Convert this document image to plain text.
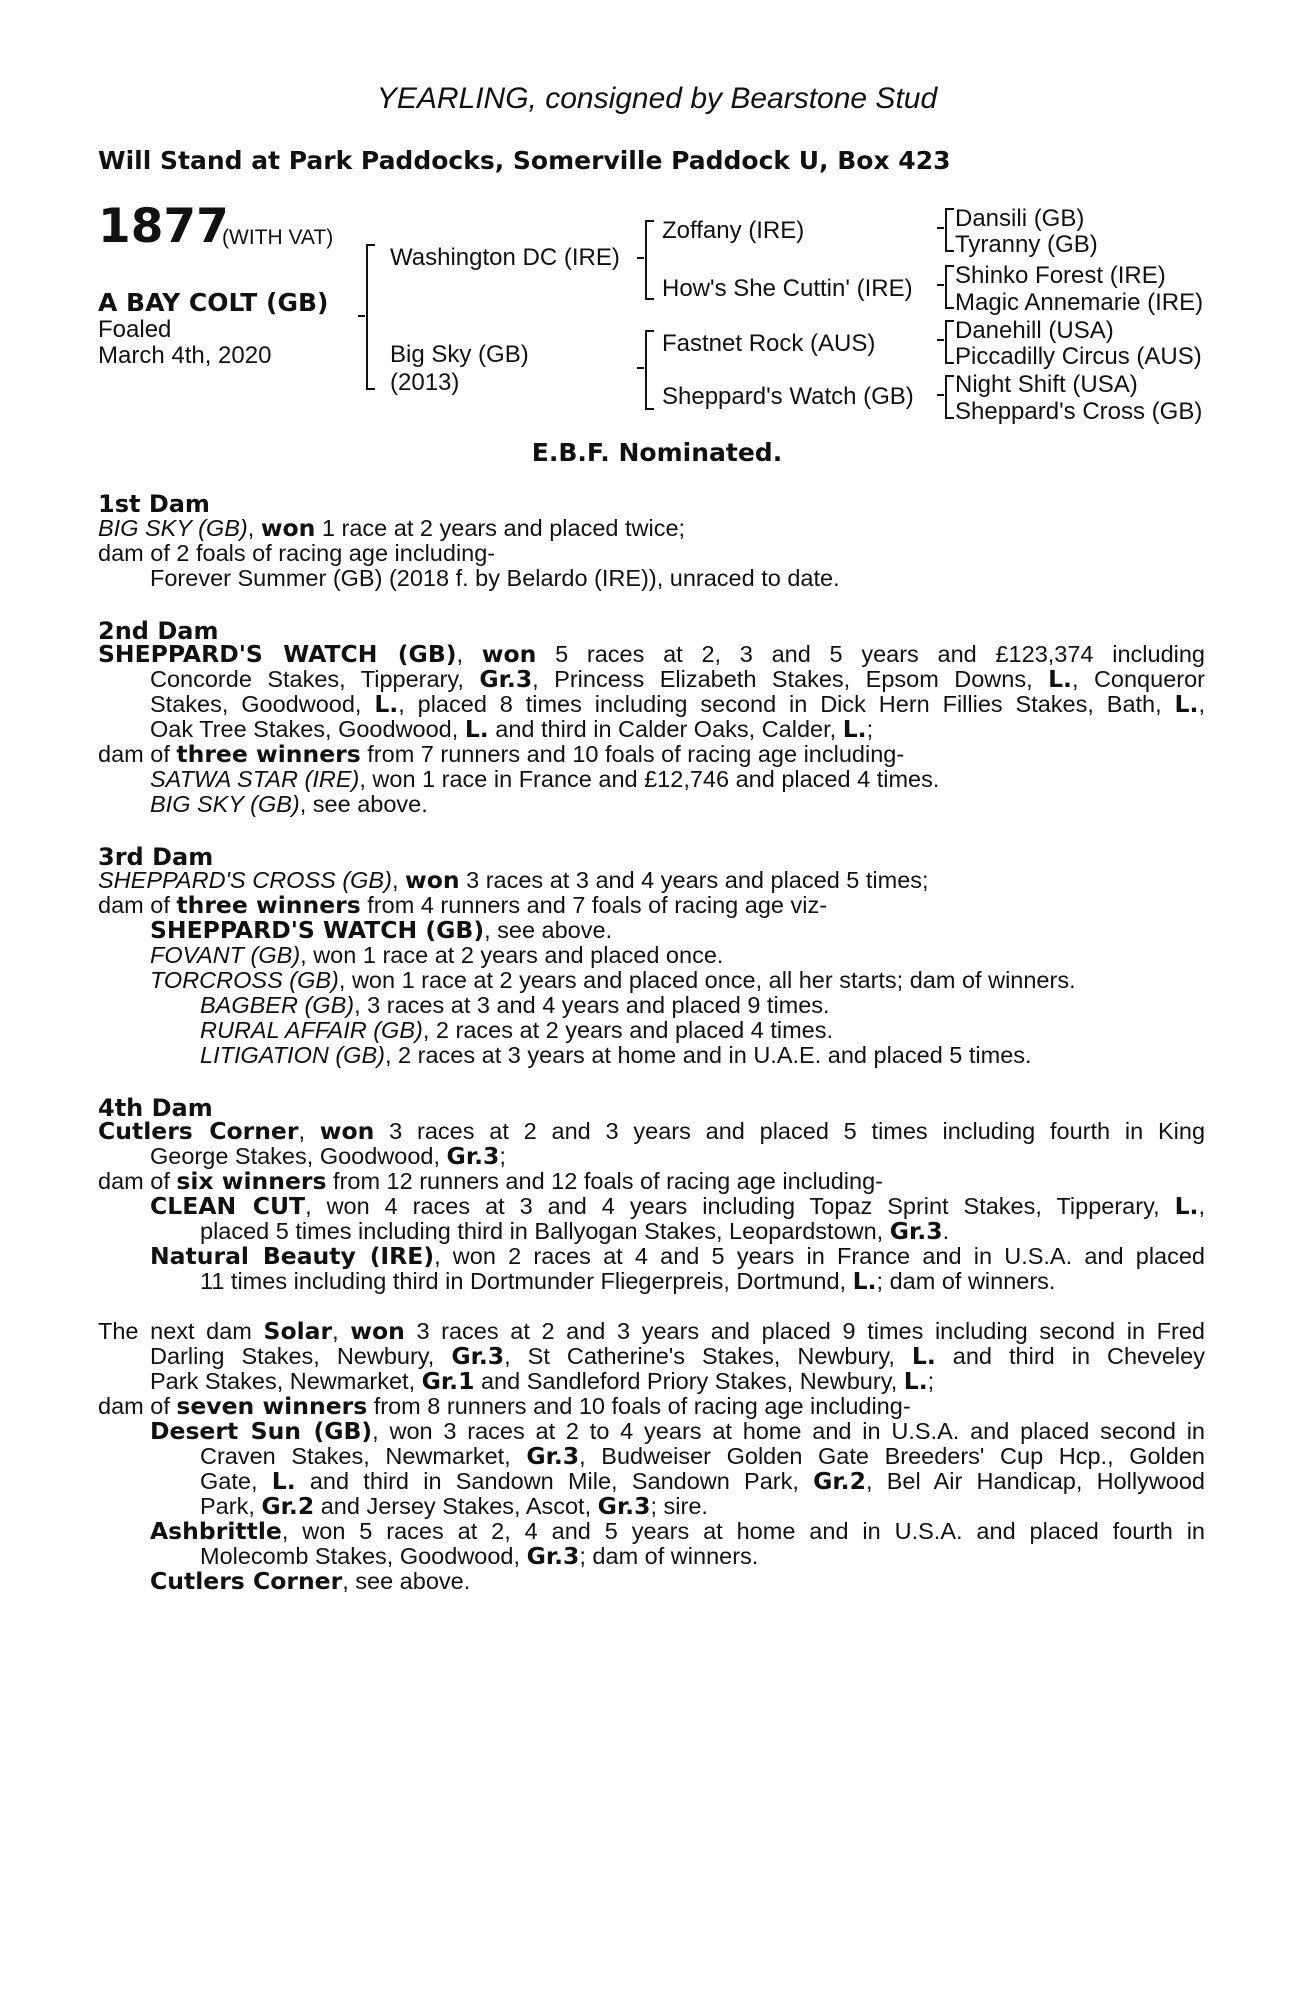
YEARLING, consigned by Bearstone Stud
Will Stand at Park Paddocks, Somerville Paddock U, Box 423
1877
(WITH VAT)
A BAY COLT (GB)
Foaled
March 4th, 2020
Washington DC (IRE)
Big Sky (GB)
(2013)
Zoffany (IRE)
How's She Cuttin' (IRE)
Fastnet Rock (AUS)
Sheppard's Watch (GB)
Dansili (GB)
Tyranny (GB)
Shinko Forest (IRE)
Magic Annemarie (IRE)
Danehill (USA)
Piccadilly Circus (AUS)
Night Shift (USA)
Sheppard's Cross (GB)
E.B.F. Nominated.
1st Dam
BIG SKY (GB), won 1 race at 2 years and placed twice;
dam of 2 foals of racing age including-
Forever Summer (GB) (2018 f. by Belardo (IRE)), unraced to date.
2nd Dam
SHEPPARD'S WATCH (GB), won 5 races at 2, 3 and 5 years and £123,374 including
Concorde Stakes, Tipperary, Gr.3, Princess Elizabeth Stakes, Epsom Downs, L., Conqueror
Stakes, Goodwood, L., placed 8 times including second in Dick Hern Fillies Stakes, Bath, L.,
Oak Tree Stakes, Goodwood, L. and third in Calder Oaks, Calder, L.;
dam of three winners from 7 runners and 10 foals of racing age including-
SATWA STAR (IRE), won 1 race in France and £12,746 and placed 4 times.
BIG SKY (GB), see above.
3rd Dam
SHEPPARD'S CROSS (GB), won 3 races at 3 and 4 years and placed 5 times;
dam of three winners from 4 runners and 7 foals of racing age viz-
SHEPPARD'S WATCH (GB), see above.
FOVANT (GB), won 1 race at 2 years and placed once.
TORCROSS (GB), won 1 race at 2 years and placed once, all her starts; dam of winners.
BAGBER (GB), 3 races at 3 and 4 years and placed 9 times.
RURAL AFFAIR (GB), 2 races at 2 years and placed 4 times.
LITIGATION (GB), 2 races at 3 years at home and in U.A.E. and placed 5 times.
4th Dam
Cutlers Corner, won 3 races at 2 and 3 years and placed 5 times including fourth in King
George Stakes, Goodwood, Gr.3;
dam of six winners from 12 runners and 12 foals of racing age including-
CLEAN CUT, won 4 races at 3 and 4 years including Topaz Sprint Stakes, Tipperary, L.,
placed 5 times including third in Ballyogan Stakes, Leopardstown, Gr.3.
Natural Beauty (IRE), won 2 races at 4 and 5 years in France and in U.S.A. and placed
11 times including third in Dortmunder Fliegerpreis, Dortmund, L.; dam of winners.
The next dam Solar, won 3 races at 2 and 3 years and placed 9 times including second in Fred
Darling Stakes, Newbury, Gr.3, St Catherine's Stakes, Newbury, L. and third in Cheveley
Park Stakes, Newmarket, Gr.1 and Sandleford Priory Stakes, Newbury, L.;
dam of seven winners from 8 runners and 10 foals of racing age including-
Desert Sun (GB), won 3 races at 2 to 4 years at home and in U.S.A. and placed second in
Craven Stakes, Newmarket, Gr.3, Budweiser Golden Gate Breeders' Cup Hcp., Golden
Gate, L. and third in Sandown Mile, Sandown Park, Gr.2, Bel Air Handicap, Hollywood
Park, Gr.2 and Jersey Stakes, Ascot, Gr.3; sire.
Ashbrittle, won 5 races at 2, 4 and 5 years at home and in U.S.A. and placed fourth in
Molecomb Stakes, Goodwood, Gr.3; dam of winners.
Cutlers Corner, see above.
